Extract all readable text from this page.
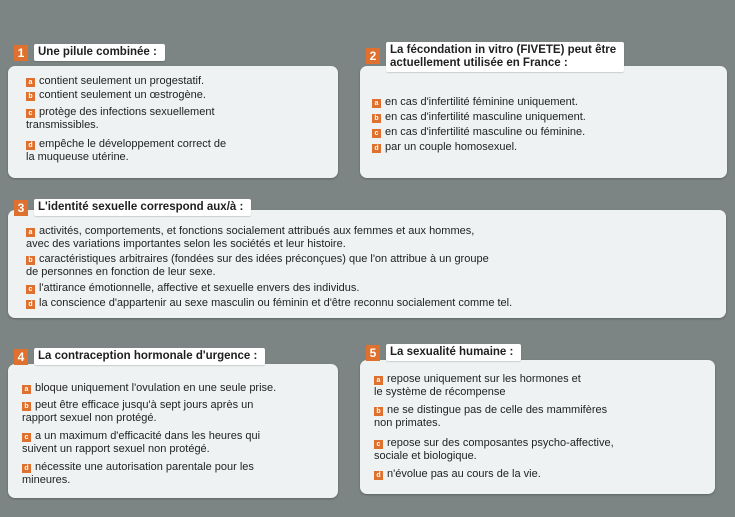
1	Une pilule combinée :
a contient seulement un progestatif.
b contient seulement un œstrogène.
c protège des infections sexuellement
transmissibles.
d empêche le développement correct de
la muqueuse utérine.
2	La fécondation in vitro (FIVETE) peut être
actuellement utilisée en France :
a en cas d'infertilité féminine uniquement.
b en cas d'infertilité masculine uniquement.
c en cas d'infertilité masculine ou féminine.
d par un couple homosexuel.
3	L'identité sexuelle correspond aux/à :
a activités, comportements, et fonctions socialement attribués aux femmes et aux hommes,
avec des variations importantes selon les sociétés et leur histoire.
b caractéristiques arbitraires (fondées sur des idées préconçues) que l'on attribue à un groupe
de personnes en fonction de leur sexe.
c l'attirance émotionnelle, affective et sexuelle envers des individus.
d la conscience d'appartenir au sexe masculin ou féminin et d'être reconnu socialement comme tel.
4	La contraception hormonale d'urgence :
a bloque uniquement l'ovulation en une seule prise.
b peut être efficace jusqu'à sept jours après un
rapport sexuel non protégé.
c a un maximum d'efficacité dans les heures qui
suivent un rapport sexuel non protégé.
d nécessite une autorisation parentale pour les
mineures.
5	La sexualité humaine :
a repose uniquement sur les hormones et
le système de récompense
b ne se distingue pas de celle des mammifères
non primates.
c repose sur des composantes psycho-affective,
sociale et biologique.
d n'évolue pas au cours de la vie.
